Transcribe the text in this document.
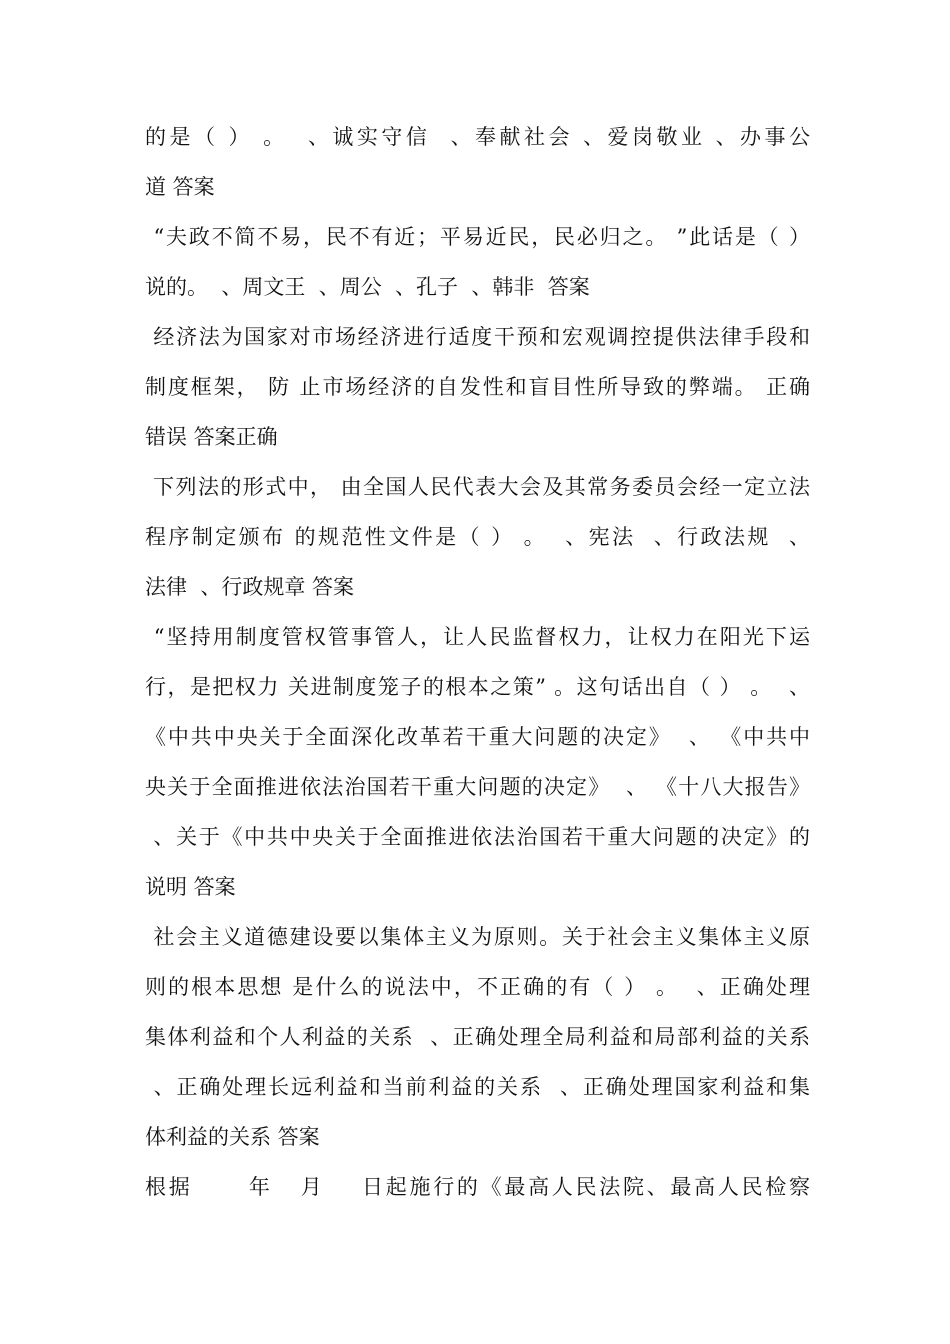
的是（ ） 。  、诚实守信  、奉献社会 、爱岗敬业 、办事公
道 答案
“夫政不简不易，民不有近；平易近民，民必归之。 ”此话是（ ）
说的。  、周文王  、周公  、孔子  、韩非  答案
经济法为国家对市场经济进行适度干预和宏观调控提供法律手段和
制度框架， 防 止市场经济的自发性和盲目性所导致的弊端。 正确
错误 答案正确
下列法的形式中， 由全国人民代表大会及其常务委员会经一定立法
程序制定颁布 的规范性文件是（ ） 。  、宪法  、行政法规  、
法律  、行政规章 答案
“坚持用制度管权管事管人，让人民监督权力，让权力在阳光下运
行，是把权力 关进制度笼子的根本之策” 。这句话出自（ ） 。  、
《中共中央关于全面深化改革若干重大问题的决定》  、 《中共中
央关于全面推进依法治国若干重大问题的决定》  、 《十八大报告》
、关于《中共中央关于全面推进依法治国若干重大问题的决定》的
说明 答案
社会主义道德建设要以集体主义为原则。关于社会主义集体主义原
则的根本思想 是什么的说法中，不正确的有（ ） 。  、正确处理
集体利益和个人利益的关系  、正确处理全局利益和局部利益的关系
、正确处理长远利益和当前利益的关系  、正确处理国家利益和集
体利益的关系 答案
根据      年   月    日起施行的《最高人民法院、最高人民检察
